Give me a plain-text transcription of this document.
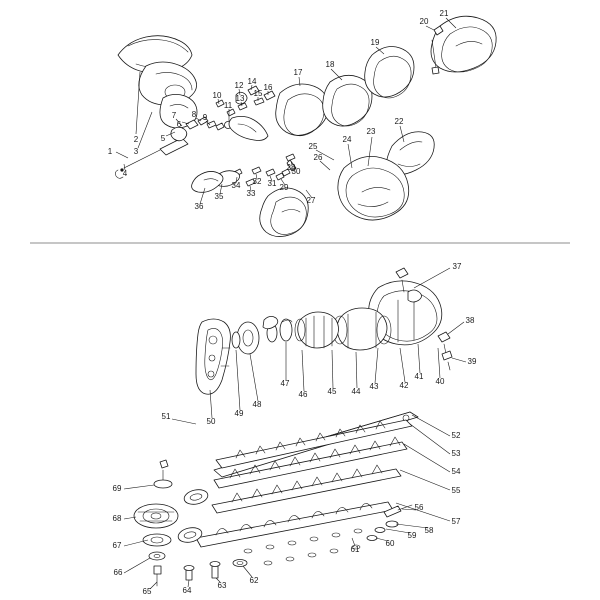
1
2
3
4
5
6
7 8 9
10
11
12
13
14
15
16
17
18
19
20
21
22
23
24
25
26
27
28
29
30
31
32
33
34
35
36
37
38
39
40
41
42
43
44
45
46
47
48
49
50
51
52
53
54
55
56
57
58
59
60
61
62
63
64
65
66
67
68
69
